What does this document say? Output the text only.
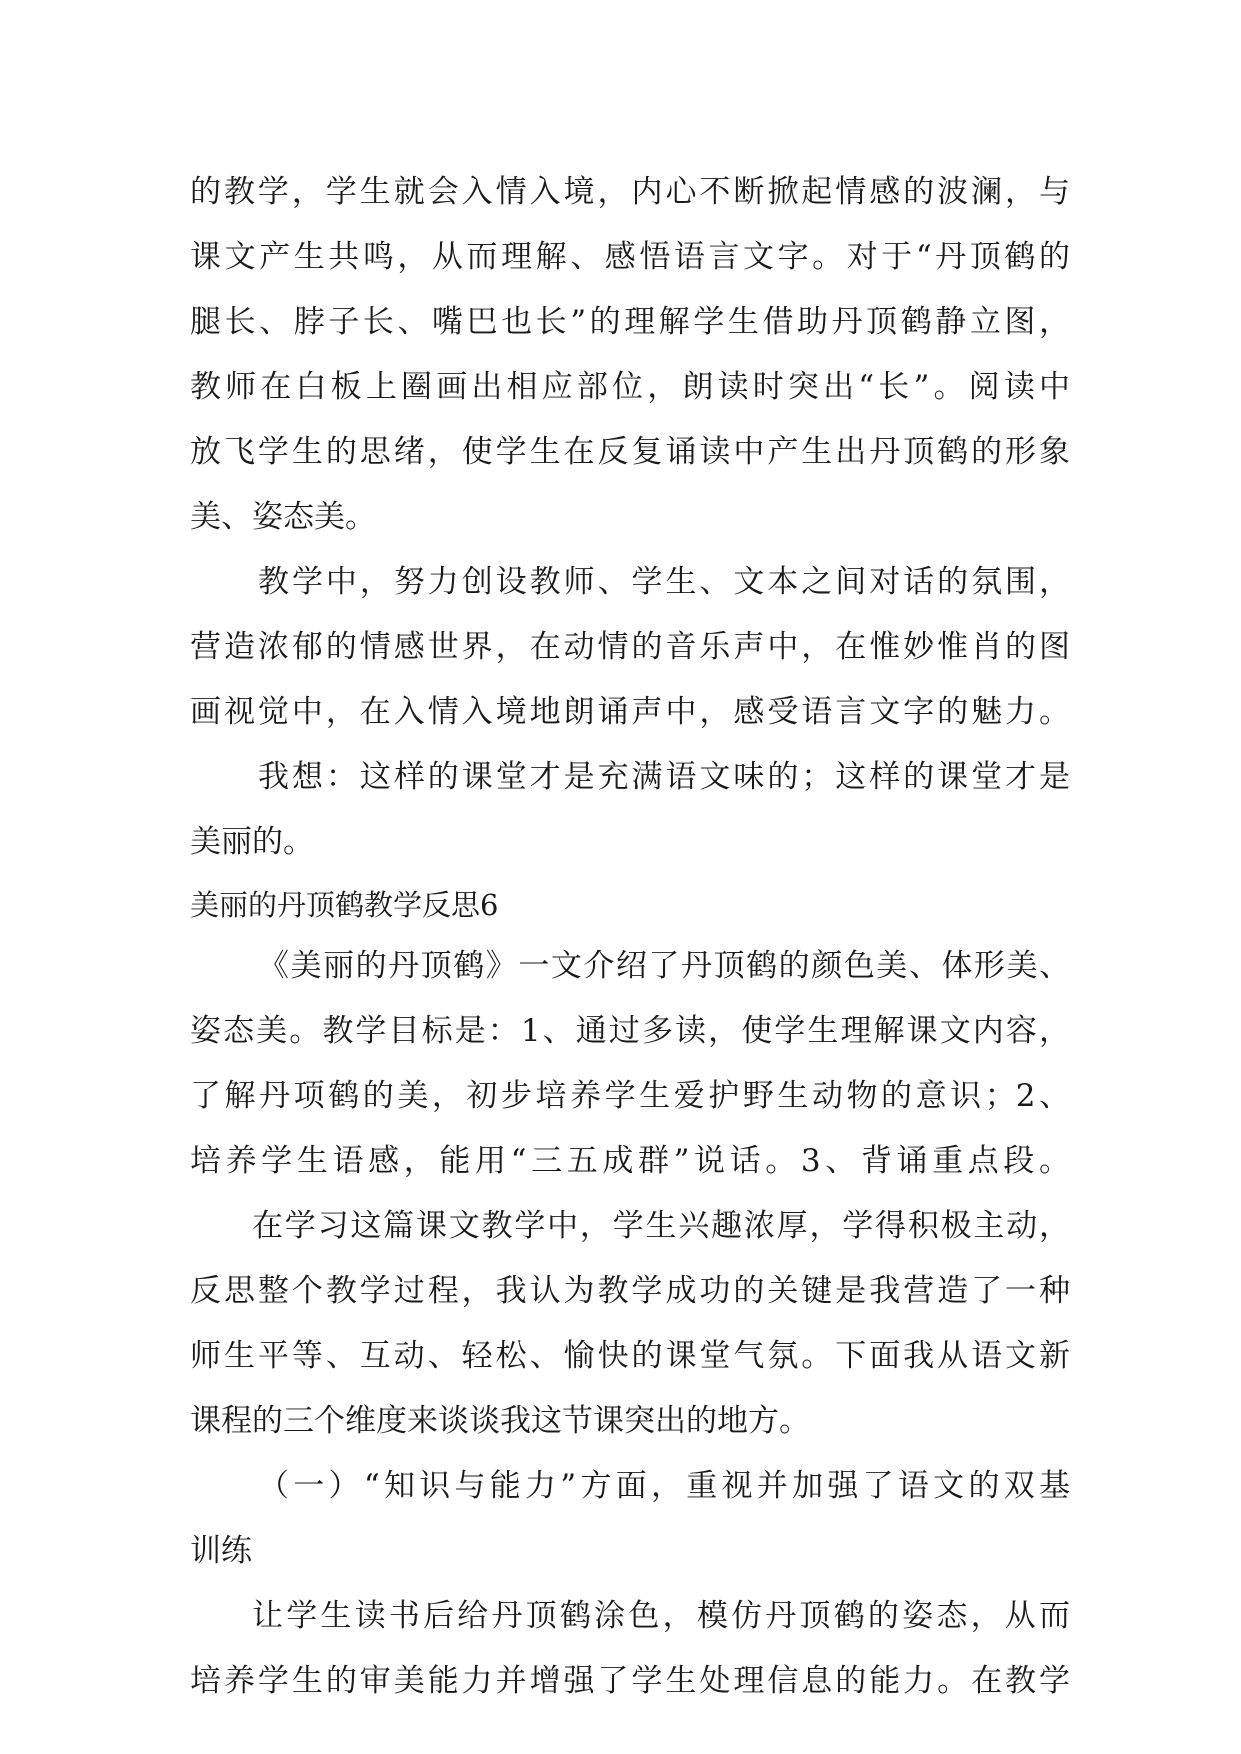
的教学，学生就会入情入境，内心不断掀起情感的波澜，与
课文产生共鸣，从而理解、感悟语言文字。对于“丹顶鹤的
腿长、脖子长、嘴巴也长”的理解学生借助丹顶鹤静立图，
教师在白板上圈画出相应部位，朗读时突出“长”。阅读中
放飞学生的思绪，使学生在反复诵读中产生出丹顶鹤的形象
美、姿态美。
教学中，努力创设教师、学生、文本之间对话的氛围，
营造浓郁的情感世界，在动情的音乐声中，在惟妙惟肖的图
画视觉中，在入情入境地朗诵声中，感受语言文字的魅力。
我想：这样的课堂才是充满语文味的；这样的课堂才是
美丽的。
美丽的丹顶鹤教学反思6
《美丽的丹顶鹤》一文介绍了丹顶鹤的颜色美、体形美、
姿态美。教学目标是：1、通过多读，使学生理解课文内容，
了解丹项鹤的美，初步培养学生爱护野生动物的意识；2、
培养学生语感，能用“三五成群”说话。3、背诵重点段。
在学习这篇课文教学中，学生兴趣浓厚，学得积极主动，
反思整个教学过程，我认为教学成功的关键是我营造了一种
师生平等、互动、轻松、愉快的课堂气氛。下面我从语文新
课程的三个维度来谈谈我这节课突出的地方。
（一）“知识与能力”方面，重视并加强了语文的双基
训练
让学生读书后给丹顶鹤涂色，模仿丹顶鹤的姿态，从而
培养学生的审美能力并增强了学生处理信息的能力。在教学
